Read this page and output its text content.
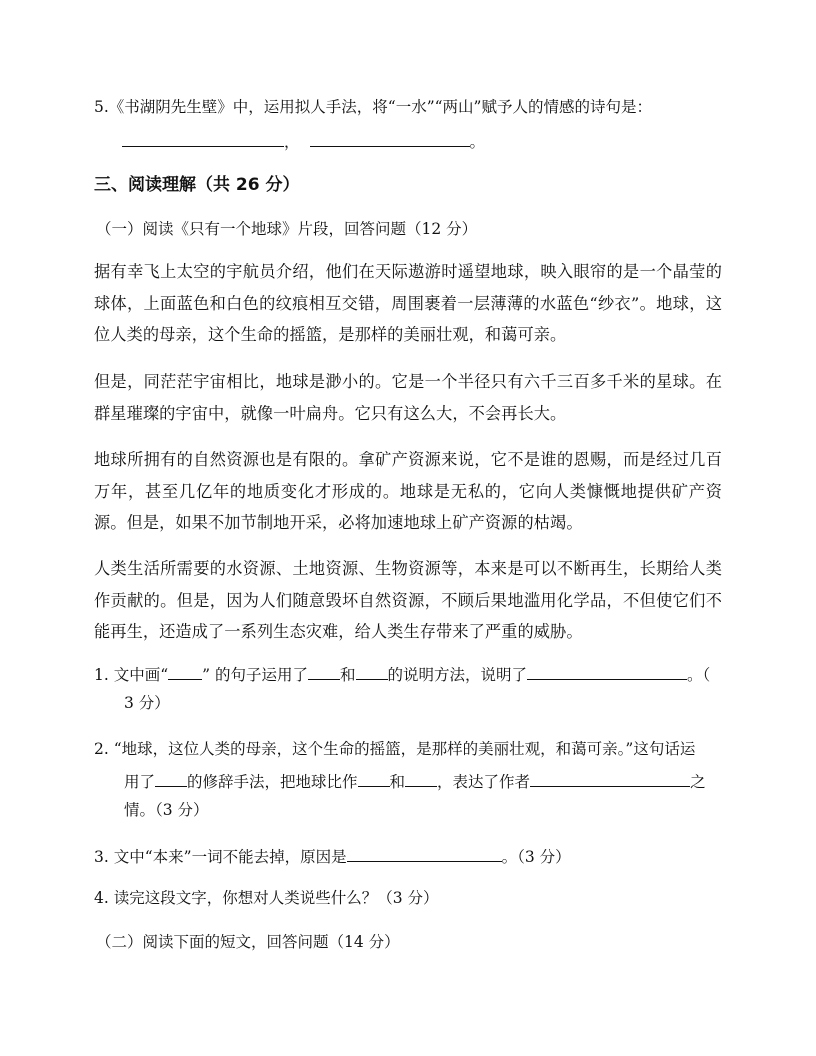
5.《书湖阴先生壁》中，运用拟人手法，将“一水”“两山”赋予人的情感的诗句是：
，	。
三、阅读理解（共 26 分）
（一）阅读《只有一个地球》片段，回答问题（12 分）
据有幸飞上太空的宇航员介绍，他们在天际遨游时遥望地球，映入眼帘的是一个晶莹的球体，上面蓝色和白色的纹痕相互交错，周围裹着一层薄薄的水蓝色“纱衣”。地球，这位人类的母亲，这个生命的摇篮，是那样的美丽壮观，和蔼可亲。
但是，同茫茫宇宙相比，地球是渺小的。它是一个半径只有六千三百多千米的星球。在群星璀璨的宇宙中，就像一叶扁舟。它只有这么大，不会再长大。
地球所拥有的自然资源也是有限的。拿矿产资源来说，它不是谁的恩赐，而是经过几百万年，甚至几亿年的地质变化才形成的。地球是无私的，它向人类慷慨地提供矿产资源。但是，如果不加节制地开采，必将加速地球上矿产资源的枯竭。
人类生活所需要的水资源、土地资源、生物资源等，本来是可以不断再生，长期给人类作贡献的。但是，因为人们随意毁坏自然资源，不顾后果地滥用化学品，不但使它们不能再生，还造成了一系列生态灾难，给人类生存带来了严重的威胁。
1. 文中画“ ” 的句子运用了 和 的说明方法，说明了	。（
3 分）
2. “地球，这位人类的母亲，这个生命的摇篮，是那样的美丽壮观，和蔼可亲。”这句话运
用了 的修辞手法，把地球比作 和 ，表达了作者	之
情。（3 分）
3. 文中“本来”一词不能去掉，原因是	。（3 分）
4. 读完这段文字，你想对人类说些什么？（3 分）
（二）阅读下面的短文，回答问题（14 分）
